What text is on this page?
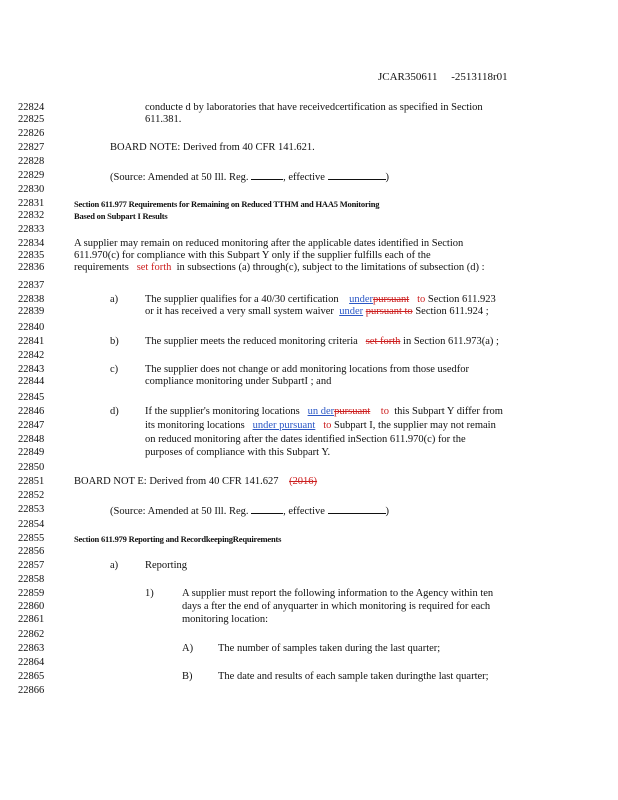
JCAR350611 -2513118r01
22824
22825
22826
22827
22828
22829
22830
22831
22832
22833
22834
22835
22836
22837
22838
22839
22840
22841
22842
22843
22844
22845
22846
22847
22848
22849
22850
22851
22852
22853
22854
22855
22856
22857
22858
22859
22860
22861
22862
22863
22864
22865
22866
conducte d by laboratories that have receivedcertification as specified in Section
611.381.
BOARD NOTE: Derived from 40 CFR 141.621.
(Source: Amended at 50 Ill. Reg.	, effective	)
Section 611.977 Requirements for Remaining on Reduced TTHM and HAA5 Monitoring
Based on Subpart I Results
A supplier may remain on reduced monitoring after the applicable dates identified in Section
611.970(c) for compliance with this Subpart Y only if the supplier fulfills each of the
requirements set forth in subsections (a) through(c), subject to the limitations of subsection (d) :
a)	The supplier qualifies for a 40/30 certification underpursuant to Section 611.923
or it has received a very small system waiver under pursuant to Section 611.924 ;
b)	The supplier meets the reduced monitoring criteria set forth in Section 611.973(a) ;
c)	The supplier does not change or add monitoring locations from those usedfor
compliance monitoring under SubpartI ; and
d)	If the supplier's monitoring locations un derpursuant to this Subpart Y differ from
its monitoring locations under pursuant to Subpart I, the supplier may not remain
on reduced monitoring after the dates identified inSection 611.970(c) for the
purposes of compliance with this Subpart Y.
BOARD NOT E: Derived from 40 CFR 141.627 (2016)
(Source: Amended at 50 Ill. Reg.	, effective	)
Section 611.979 Reporting and RecordkeepingRequirements
a)	Reporting
1)	A supplier must report the following information to the Agency within ten
days a fter the end of anyquarter in which monitoring is required for each
monitoring location:
A) The number of samples taken during the last quarter;
B) The date and results of each sample taken duringthe last quarter;
